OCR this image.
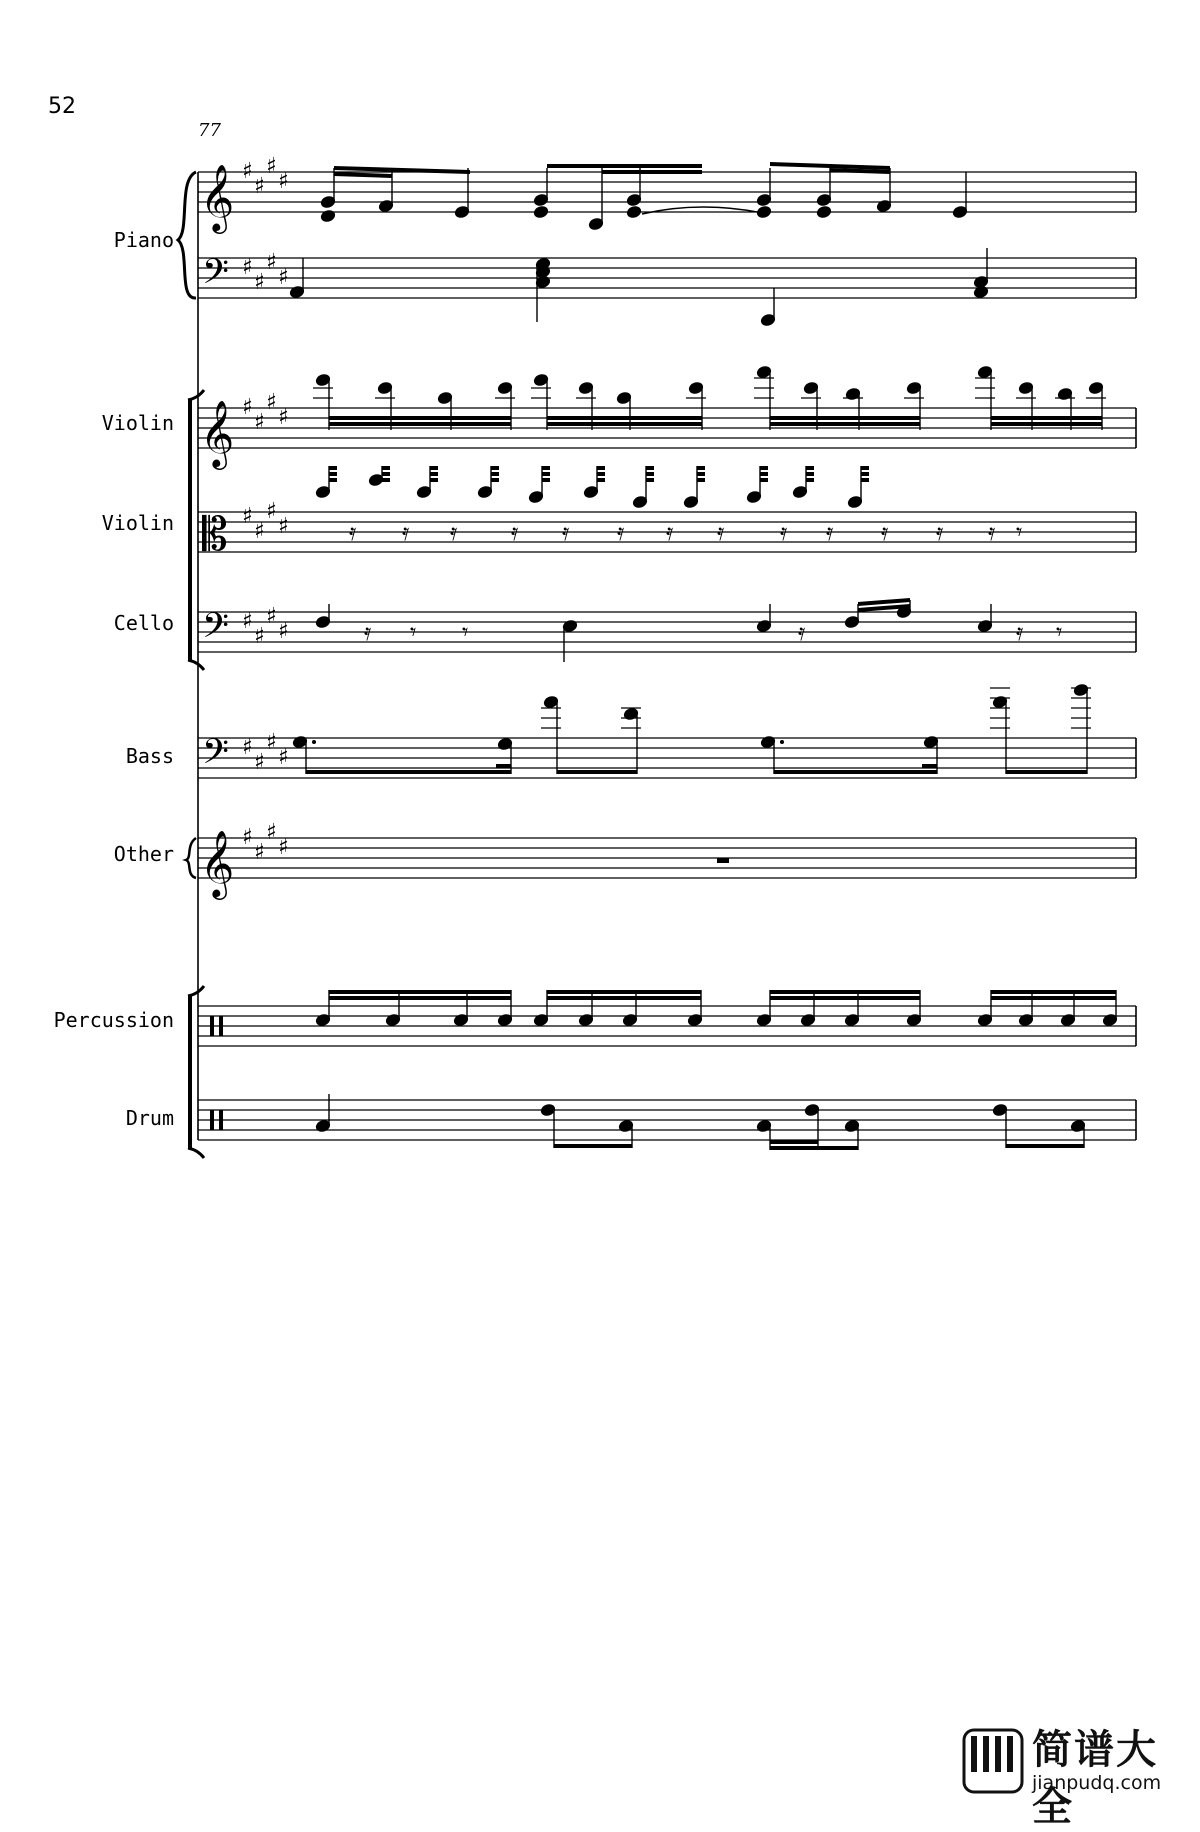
52
77
Piano
Violin
Violin
Cello
Bass
Other
Percussion
Drum
𝄞 ♯
♯
♯
♯
𝄢 ♯
♯
♯
♯
𝄞 ♯
♯
♯
♯
𝄡 ♯
♯
♯
♯
𝄢 ♯
♯
♯
♯
𝄢 ♯
♯
♯
♯
𝄞 ♯
♯
♯
♯
𝄿 𝄿 𝄿 𝄿 𝄿 𝄿 𝄿 𝄿 𝄿 𝄿 𝄿 𝄿 𝄿 𝄾
𝄿 𝄾 𝄾	𝄿	𝄿 𝄾
简谱大全
jianpudq.com
